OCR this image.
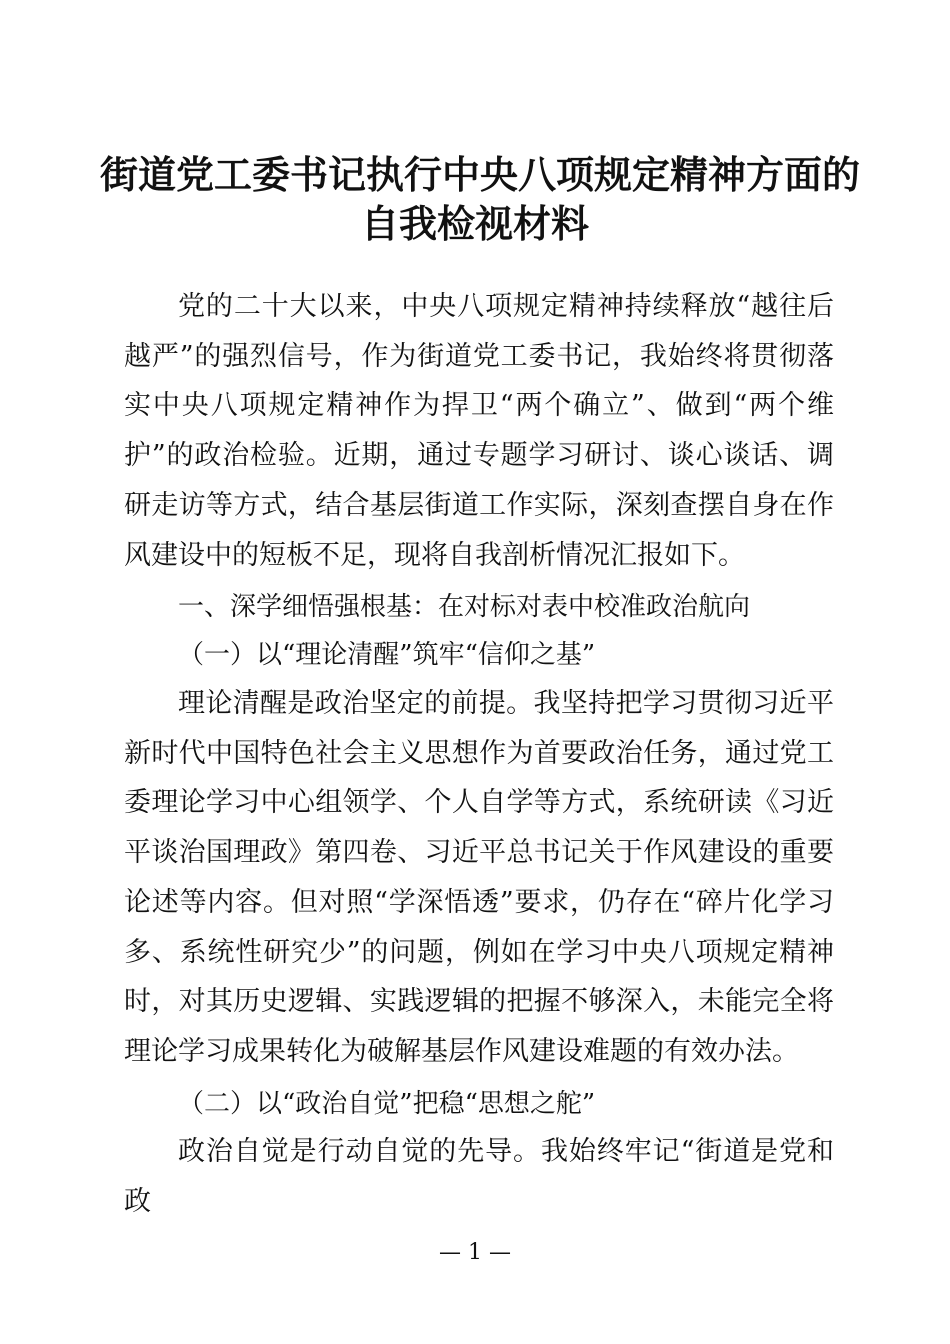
街道党工委书记执行中央八项规定精神方面的
自我检视材料
党的二十大以来，中央八项规定精神持续释放“越往后越严”的强烈信号，作为街道党工委书记，我始终将贯彻落实中央八项规定精神作为捍卫“两个确立”、做到“两个维护”的政治检验。近期，通过专题学习研讨、谈心谈话、调研走访等方式，结合基层街道工作实际，深刻查摆自身在作风建设中的短板不足，现将自我剖析情况汇报如下。
一、深学细悟强根基：在对标对表中校准政治航向
（一）以“理论清醒”筑牢“信仰之基”
理论清醒是政治坚定的前提。我坚持把学习贯彻习近平新时代中国特色社会主义思想作为首要政治任务，通过党工委理论学习中心组领学、个人自学等方式，系统研读《习近平谈治国理政》第四卷、习近平总书记关于作风建设的重要论述等内容。但对照“学深悟透”要求，仍存在“碎片化学习多、系统性研究少”的问题，例如在学习中央八项规定精神时，对其历史逻辑、实践逻辑的把握不够深入，未能完全将理论学习成果转化为破解基层作风建设难题的有效办法。
（二）以“政治自觉”把稳“思想之舵”
政治自觉是行动自觉的先导。我始终牢记“街道是党和政
— 1 —
